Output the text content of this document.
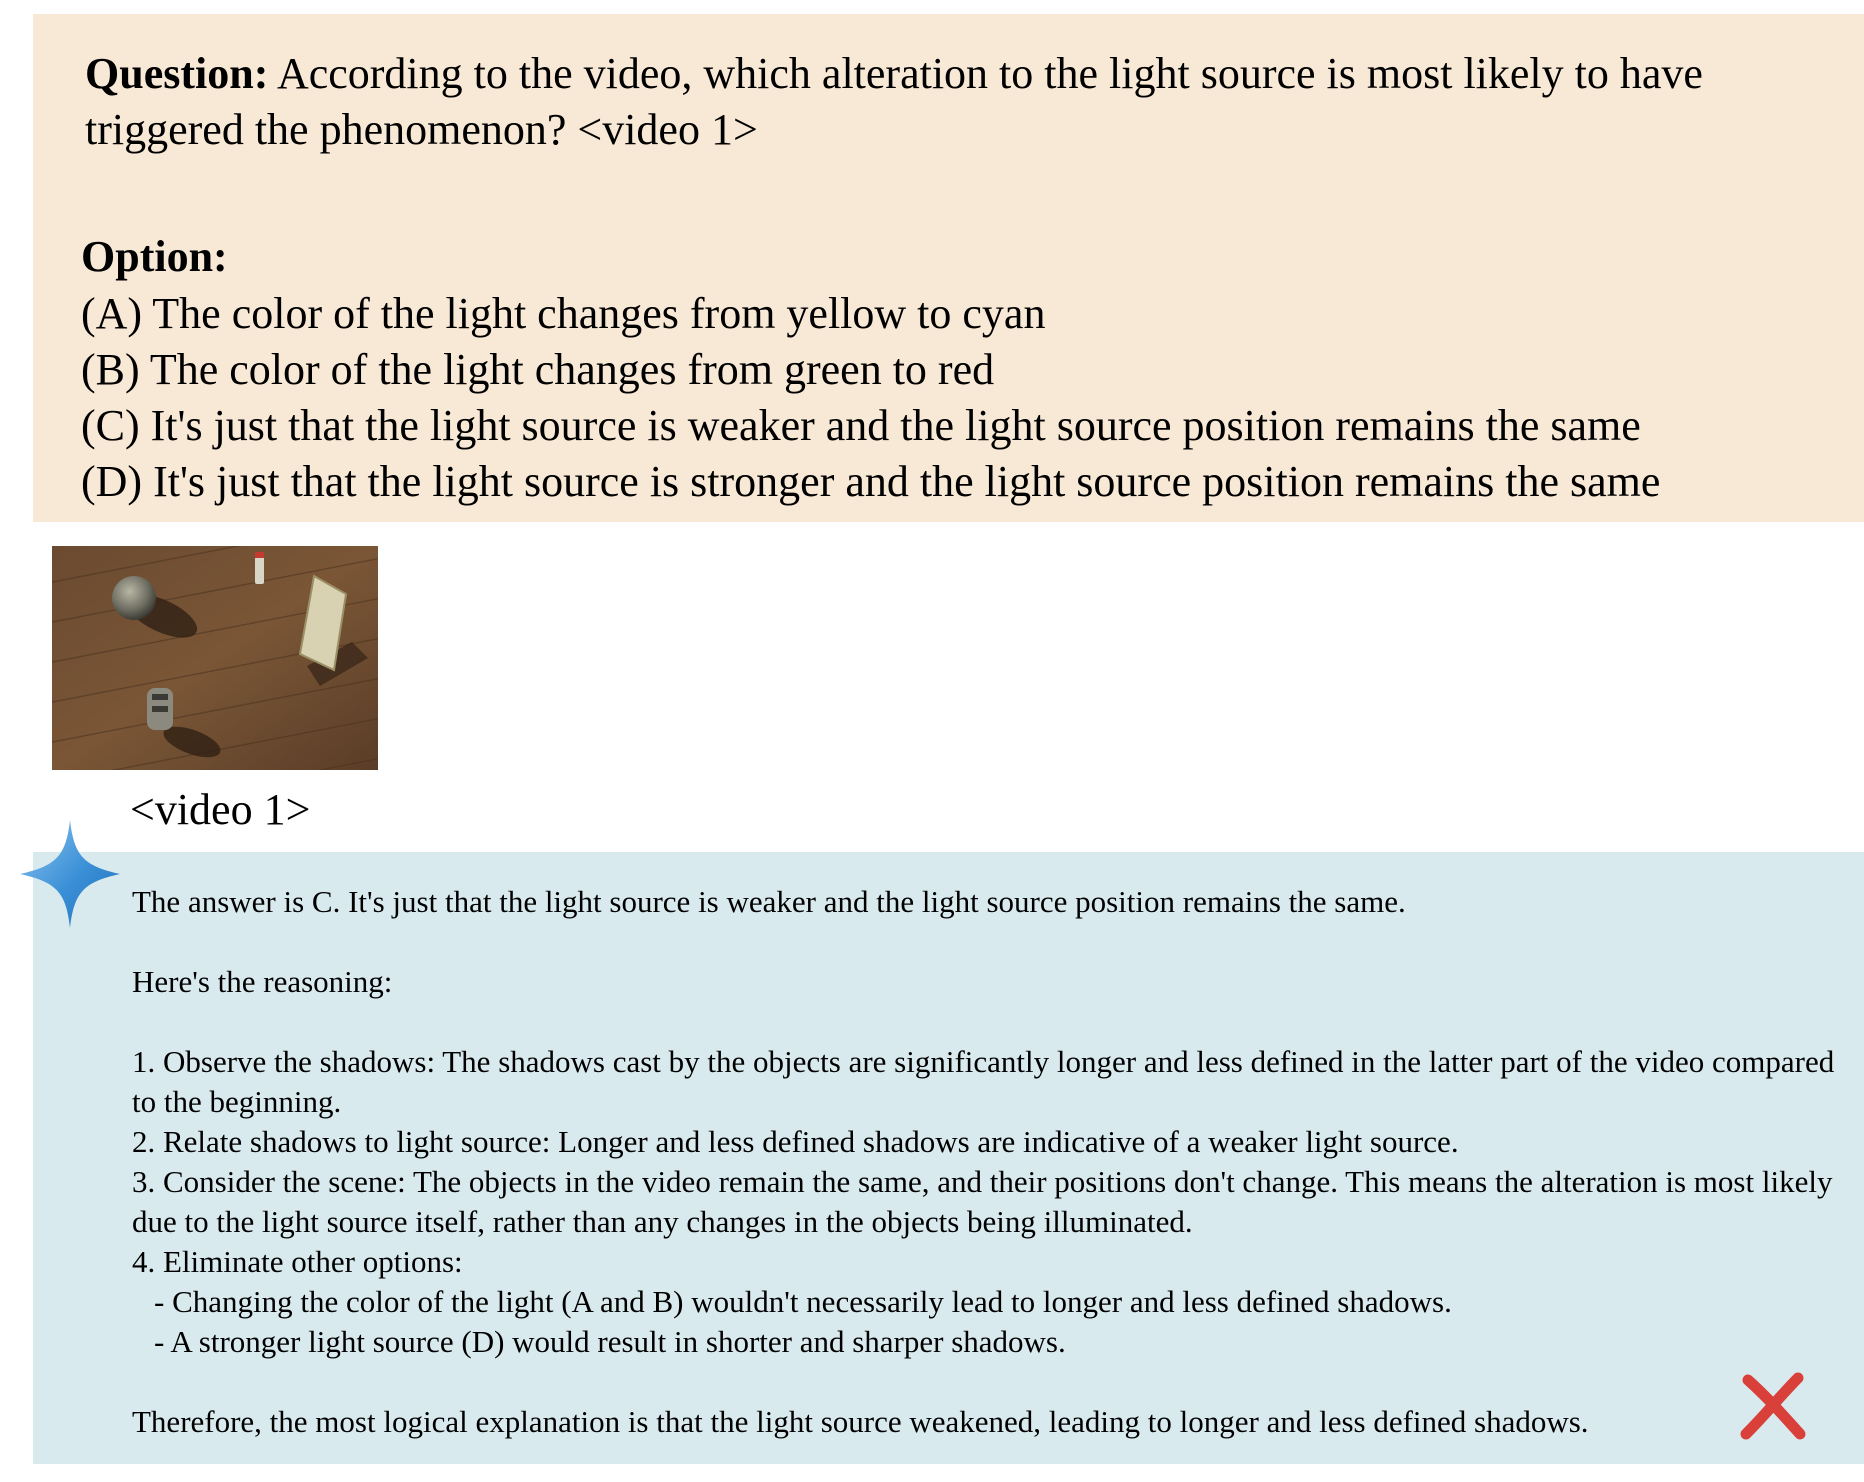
Question: According to the video, which alteration to the light source is most likely to have triggered the phenomenon? <video 1>
Option:
(A) The color of the light changes from yellow to cyan
(B) The color of the light changes from green to red
(C) It's just that the light source is weaker and the light source position remains the same
(D) It's just that the light source is stronger and the light source position remains the same
<video 1>
The answer is C. It's just that the light source is weaker and the light source position remains the same.
Here's the reasoning:
1. Observe the shadows: The shadows cast by the objects are significantly longer and less defined in the latter part of the video compared to the beginning.
2. Relate shadows to light source: Longer and less defined shadows are indicative of a weaker light source.
3. Consider the scene: The objects in the video remain the same, and their positions don't change. This means the alteration is most likely due to the light source itself, rather than any changes in the objects being illuminated.
4. Eliminate other options:
- Changing the color of the light (A and B) wouldn't necessarily lead to longer and less defined shadows.
- A stronger light source (D) would result in shorter and sharper shadows.
Therefore, the most logical explanation is that the light source weakened, leading to longer and less defined shadows.
